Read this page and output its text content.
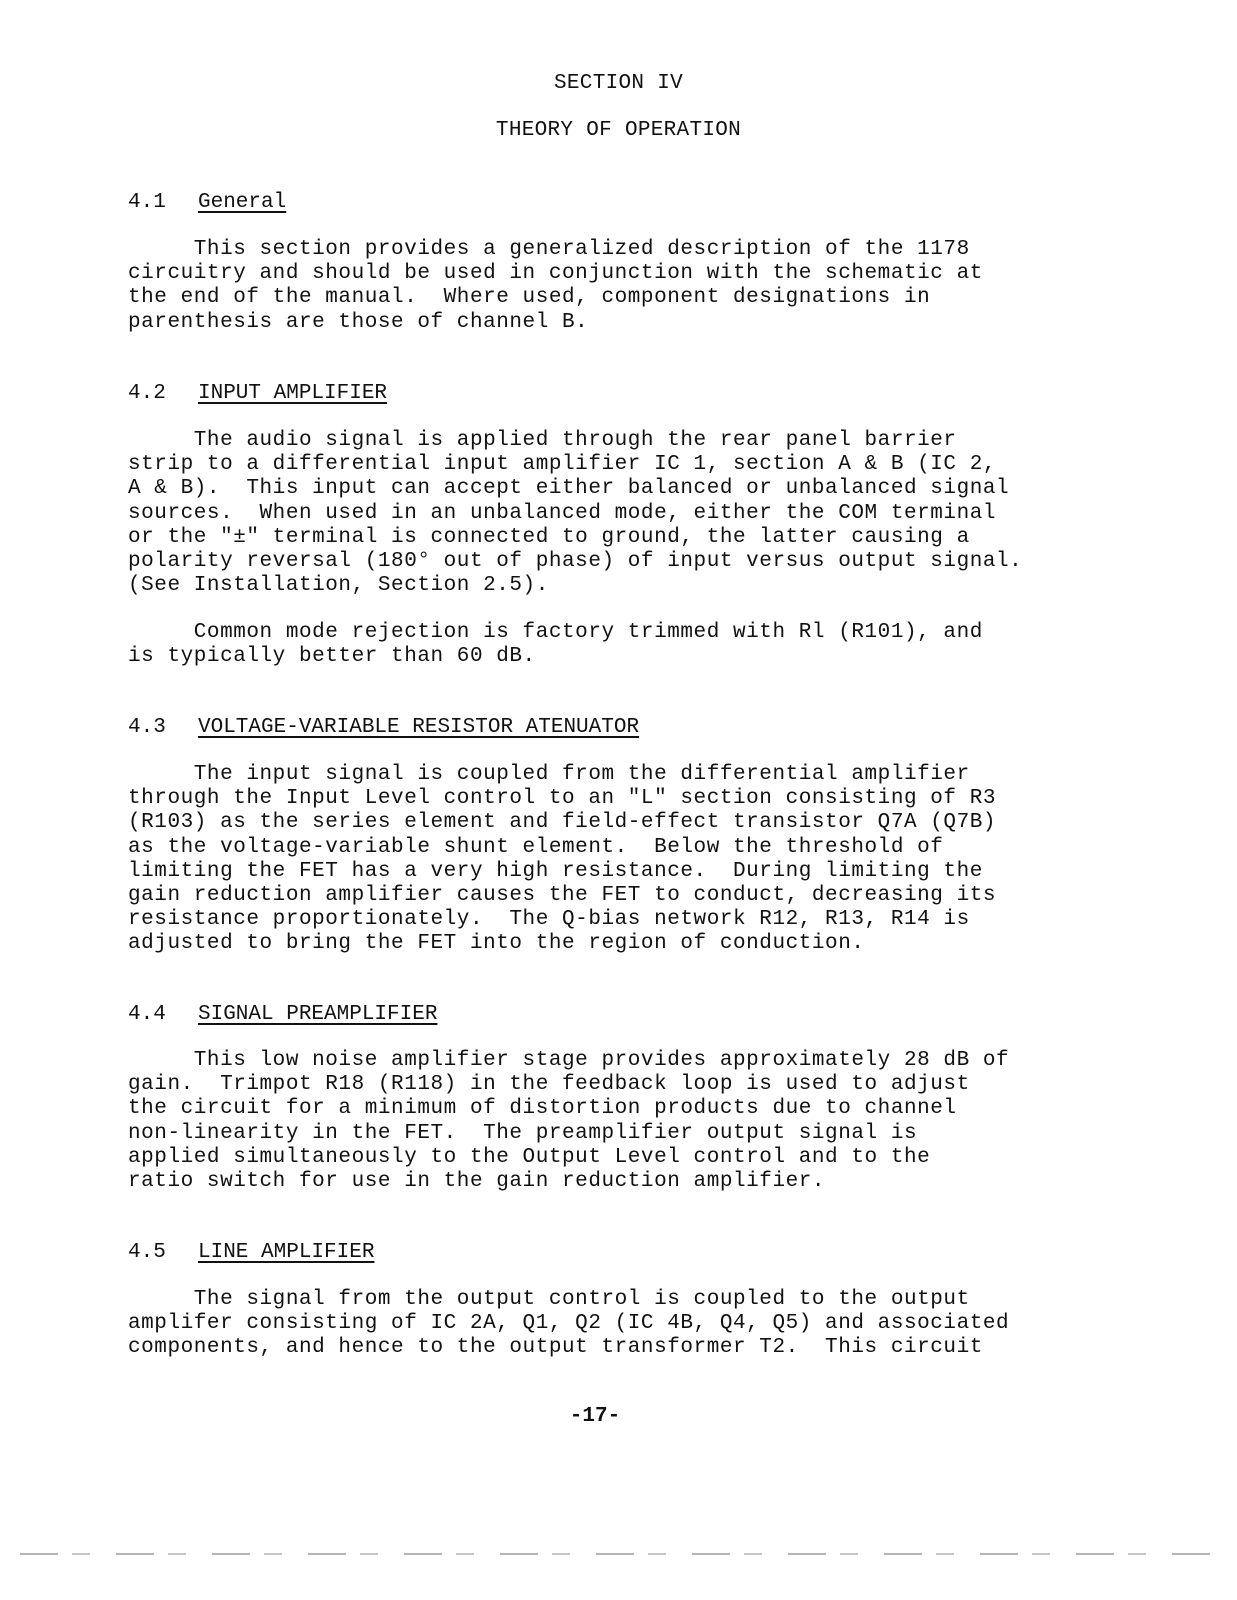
SECTION IV
THEORY OF OPERATION
4.1 General

This section provides a generalized description of the 1178
circuitry and should be used in conjunction with the schematic at
the end of the manual.  Where used, component designations in
parenthesis are those of channel B.

4.2 INPUT AMPLIFIER

The audio signal is applied through the rear panel barrier
strip to a differential input amplifier IC 1, section A & B (IC 2,
A & B).  This input can accept either balanced or unbalanced signal
sources.  When used in an unbalanced mode, either the COM terminal
or the "±" terminal is connected to ground, the latter causing a
polarity reversal (180° out of phase) of input versus output signal.
(See Installation, Section 2.5).

Common mode rejection is factory trimmed with Rl (R101), and
is typically better than 60 dB.

4.3 VOLTAGE-VARIABLE RESISTOR ATENUATOR

The input signal is coupled from the differential amplifier
through the Input Level control to an "L" section consisting of R3
(R103) as the series element and field-effect transistor Q7A (Q7B)
as the voltage-variable shunt element.  Below the threshold of
limiting the FET has a very high resistance.  During limiting the
gain reduction amplifier causes the FET to conduct, decreasing its
resistance proportionately.  The Q-bias network R12, R13, R14 is
adjusted to bring the FET into the region of conduction.

4.4 SIGNAL PREAMPLIFIER

This low noise amplifier stage provides approximately 28 dB of
gain.  Trimpot R18 (R118) in the feedback loop is used to adjust
the circuit for a minimum of distortion products due to channel
non-linearity in the FET.  The preamplifier output signal is
applied simultaneously to the Output Level control and to the
ratio switch for use in the gain reduction amplifier.

4.5 LINE AMPLIFIER

The signal from the output control is coupled to the output
amplifer consisting of IC 2A, Q1, Q2 (IC 4B, Q4, Q5) and associated
components, and hence to the output transformer T2.  This circuit

-17-
